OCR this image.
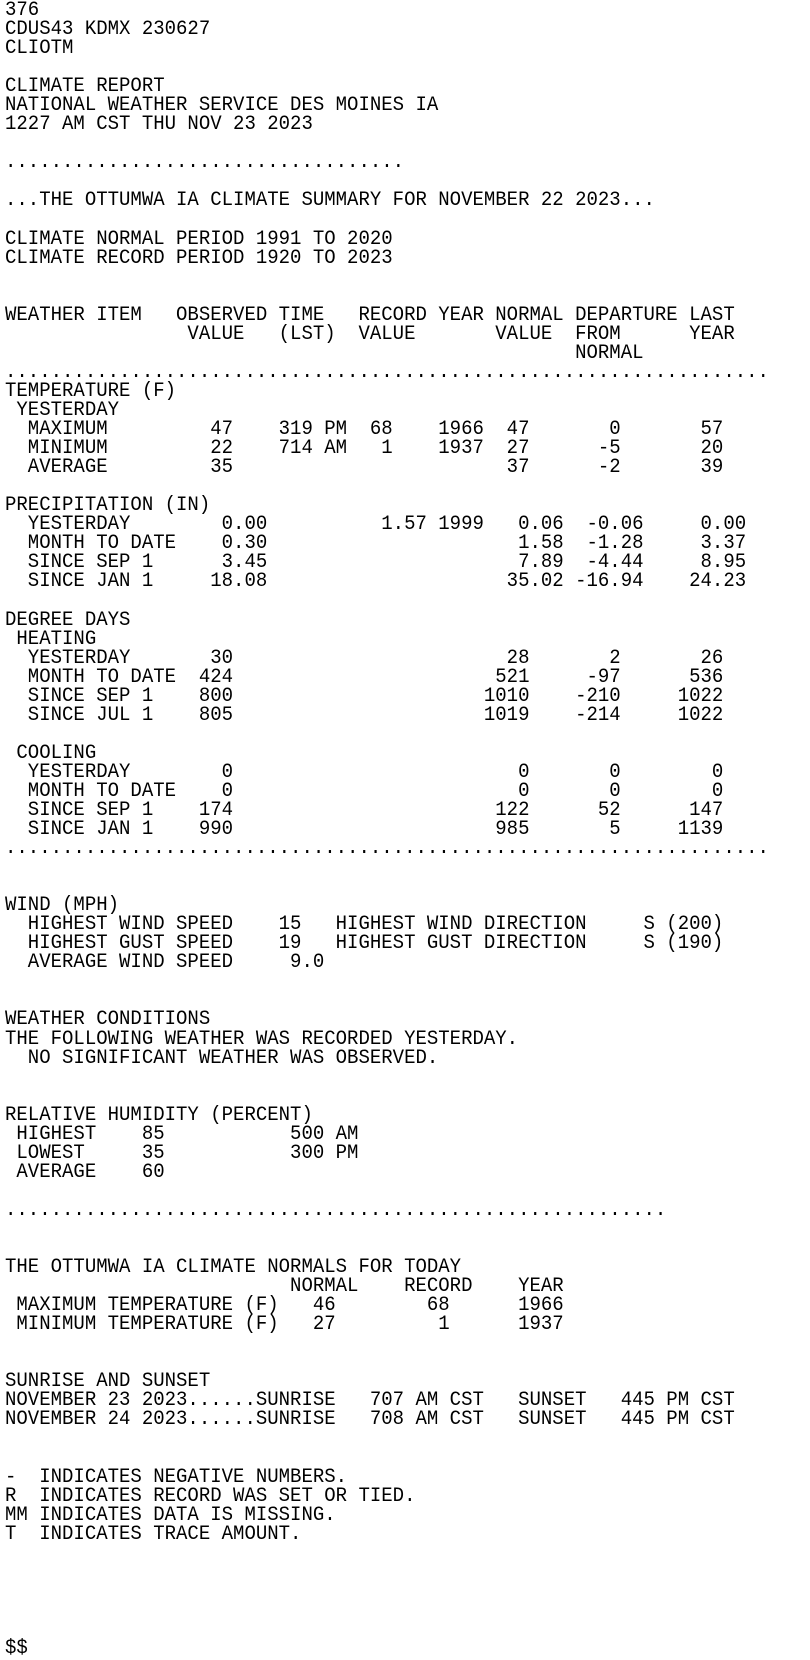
376
CDUS43 KDMX 230627
CLIOTM

CLIMATE REPORT
NATIONAL WEATHER SERVICE DES MOINES IA
1227 AM CST THU NOV 23 2023

...................................

...THE OTTUMWA IA CLIMATE SUMMARY FOR NOVEMBER 22 2023...

CLIMATE NORMAL PERIOD 1991 TO 2020
CLIMATE RECORD PERIOD 1920 TO 2023

WEATHER ITEM   OBSERVED TIME   RECORD YEAR NORMAL DEPARTURE LAST
VALUE   (LST)  VALUE       VALUE  FROM      YEAR
NORMAL
...................................................................
TEMPERATURE (F)
YESTERDAY
MAXIMUM         47    319 PM  68    1966  47       0       57
MINIMUM         22    714 AM   1    1937  27      -5       20
AVERAGE         35                        37      -2       39

PRECIPITATION (IN)
YESTERDAY        0.00          1.57 1999   0.06  -0.06     0.00
MONTH TO DATE    0.30                      1.58  -1.28     3.37
SINCE SEP 1      3.45                      7.89  -4.44     8.95
SINCE JAN 1     18.08                     35.02 -16.94    24.23

DEGREE DAYS
HEATING
YESTERDAY       30                        28       2       26
MONTH TO DATE  424                       521     -97      536
SINCE SEP 1    800                      1010    -210     1022
SINCE JUL 1    805                      1019    -214     1022

COOLING
YESTERDAY        0                         0       0        0
MONTH TO DATE    0                         0       0        0
SINCE SEP 1    174                       122      52      147
SINCE JAN 1    990                       985       5     1139
...................................................................

WIND (MPH)
HIGHEST WIND SPEED    15   HIGHEST WIND DIRECTION     S (200)
HIGHEST GUST SPEED    19   HIGHEST GUST DIRECTION     S (190)
AVERAGE WIND SPEED     9.0

WEATHER CONDITIONS
THE FOLLOWING WEATHER WAS RECORDED YESTERDAY.
NO SIGNIFICANT WEATHER WAS OBSERVED.

RELATIVE HUMIDITY (PERCENT)
HIGHEST    85           500 AM
LOWEST     35           300 PM
AVERAGE    60

..........................................................

THE OTTUMWA IA CLIMATE NORMALS FOR TODAY
NORMAL    RECORD    YEAR
MAXIMUM TEMPERATURE (F)   46        68      1966
MINIMUM TEMPERATURE (F)   27         1      1937

SUNRISE AND SUNSET
NOVEMBER 23 2023......SUNRISE   707 AM CST   SUNSET   445 PM CST
NOVEMBER 24 2023......SUNRISE   708 AM CST   SUNSET   445 PM CST

-  INDICATES NEGATIVE NUMBERS.
R  INDICATES RECORD WAS SET OR TIED.
MM INDICATES DATA IS MISSING.
T  INDICATES TRACE AMOUNT.

$$
